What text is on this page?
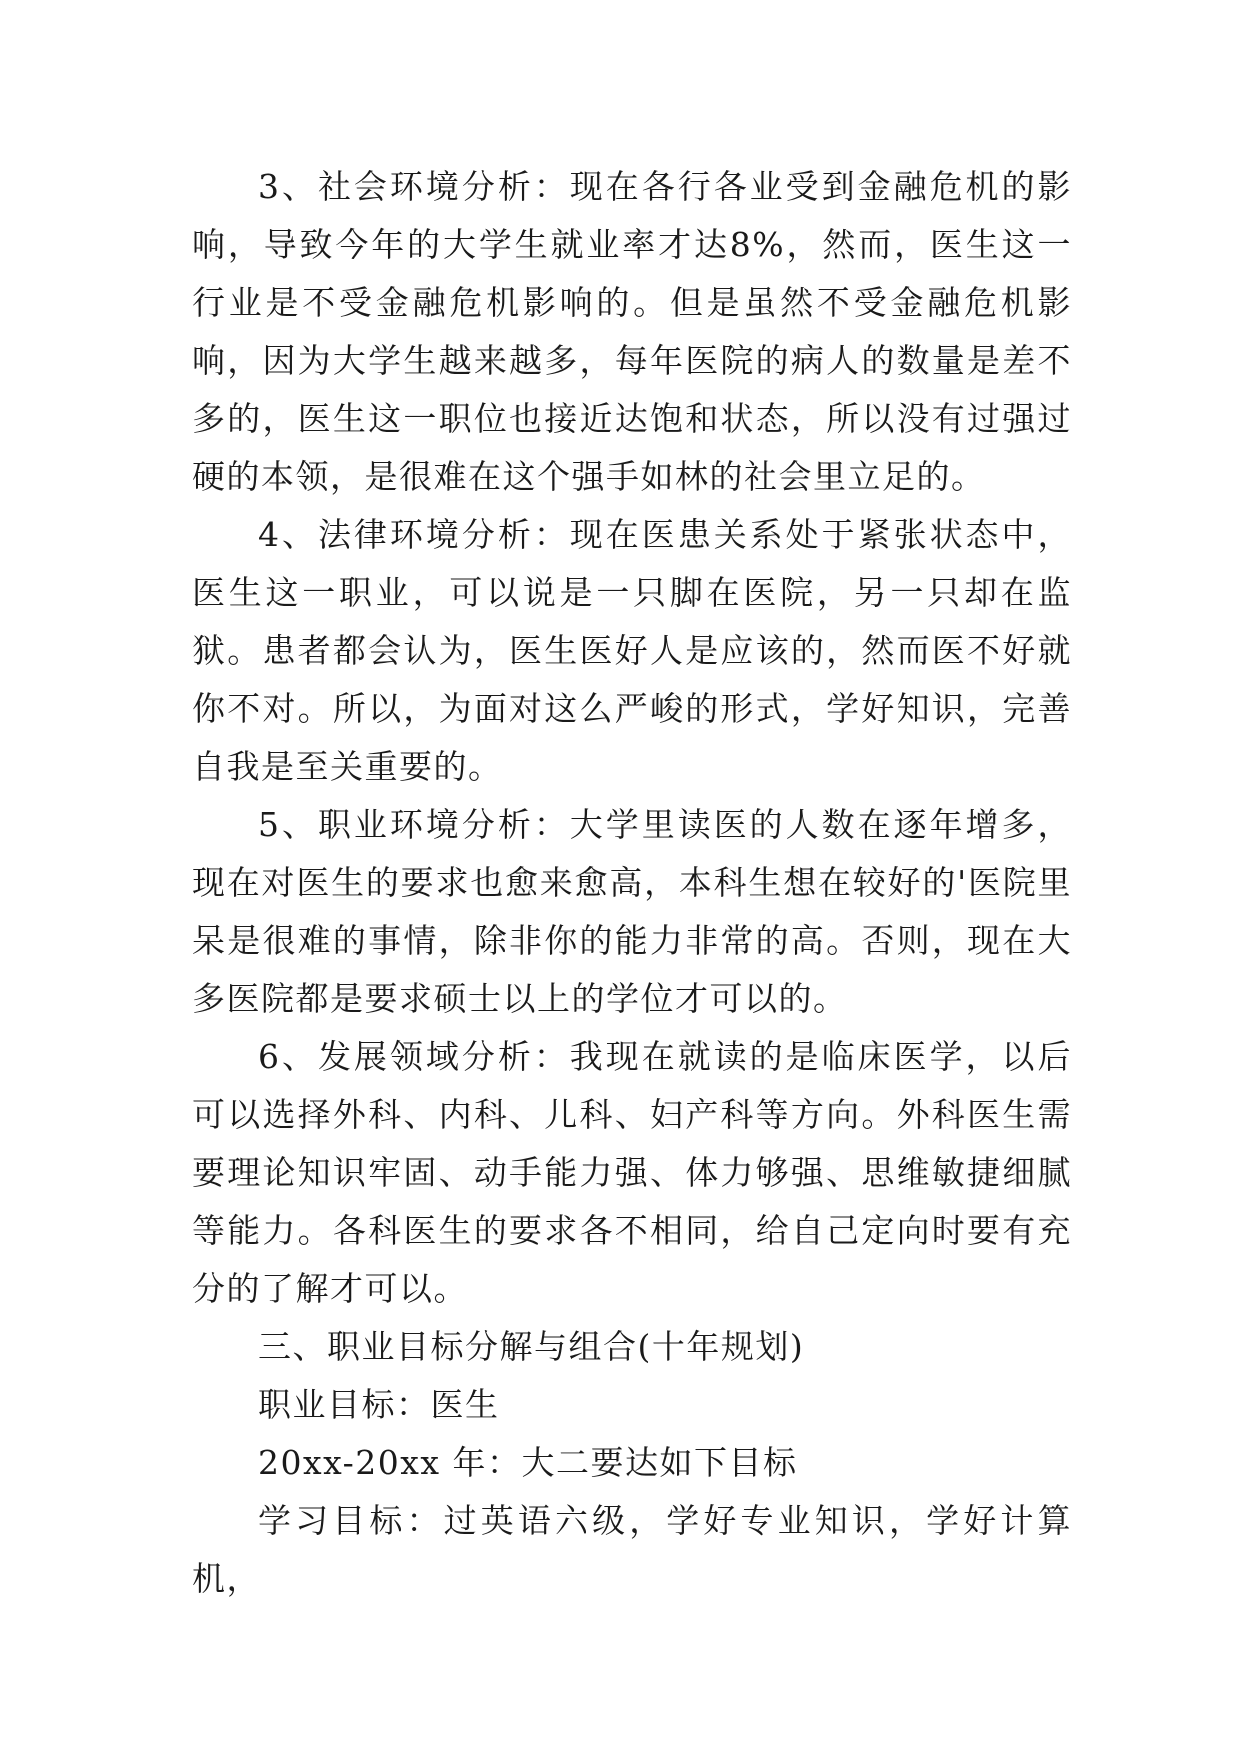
3、社会环境分析：现在各行各业受到金融危机的影响，导致今年的大学生就业率才达8%，然而，医生这一行业是不受金融危机影响的。但是虽然不受金融危机影响，因为大学生越来越多，每年医院的病人的数量是差不多的，医生这一职位也接近达饱和状态，所以没有过强过硬的本领，是很难在这个强手如林的社会里立足的。

4、法律环境分析：现在医患关系处于紧张状态中，医生这一职业，可以说是一只脚在医院，另一只却在监狱。患者都会认为，医生医好人是应该的，然而医不好就你不对。所以，为面对这么严峻的形式，学好知识，完善自我是至关重要的。

5、职业环境分析：大学里读医的人数在逐年增多，现在对医生的要求也愈来愈高，本科生想在较好的'医院里呆是很难的事情，除非你的能力非常的高。否则，现在大多医院都是要求硕士以上的学位才可以的。

6、发展领域分析：我现在就读的是临床医学，以后可以选择外科、内科、儿科、妇产科等方向。外科医生需要理论知识牢固、动手能力强、体力够强、思维敏捷细腻等能力。各科医生的要求各不相同，给自己定向时要有充分的了解才可以。

三、职业目标分解与组合(十年规划)

职业目标：医生

20xx-20xx 年：大二要达如下目标

学习目标：过英语六级，学好专业知识，学好计算机，
